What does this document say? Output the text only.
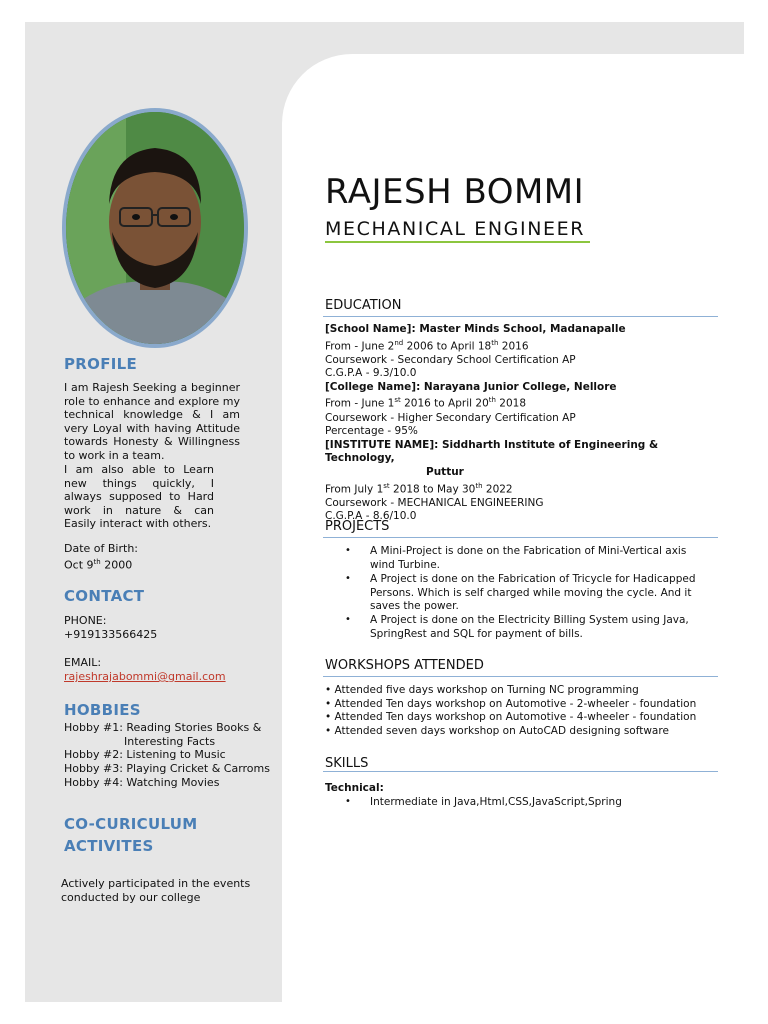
PROFILE
I am Rajesh Seeking a beginner role to enhance and explore my technical knowledge & I am very Loyal with having Attitude towards Honesty & Willingness to work in a team.
I am also able to Learn new things quickly, I always supposed to Hard work in nature & can Easily interact with others.
Date of Birth:
Oct 9th 2000
CONTACT
PHONE:
+919133566425
EMAIL:
rajeshrajabommi@gmail.com
HOBBIES
Hobby #1: Reading Stories Books &
Interesting Facts
Hobby #2: Listening to Music
Hobby #3: Playing Cricket & Carroms
Hobby #4: Watching Movies
CO-CURICULUM
ACTIVITES
Actively participated in the events
conducted by our college
RAJESH BOMMI
MECHANICAL ENGINEER
EDUCATION
[School Name]: Master Minds School, Madanapalle
From - June 2nd 2006 to April 18th 2016
Coursework - Secondary School Certification AP
C.G.P.A - 9.3/10.0
[College Name]: Narayana Junior College, Nellore
From - June 1st 2016 to April 20th 2018
Coursework - Higher Secondary Certification AP
Percentage - 95%
[INSTITUTE NAME]: Siddharth Institute of Engineering & Technology,
Puttur
From July 1st 2018 to May 30th 2022
Coursework - MECHANICAL ENGINEERING
C.G.P.A - 8.6/10.0
PROJECTS
• A Mini-Project is done on the Fabrication of Mini-Vertical axis wind Turbine.
• A Project is done on the Fabrication of Tricycle for Hadicapped Persons. Which is self charged while moving the cycle. And it saves the power.
• A Project is done on the Electricity Billing System using Java, SpringRest and SQL for payment of bills.
WORKSHOPS ATTENDED
• Attended five days workshop on Turning NC programming
• Attended Ten days workshop on Automotive - 2-wheeler - foundation
• Attended Ten days workshop on Automotive - 4-wheeler - foundation
• Attended seven days workshop on AutoCAD designing software
SKILLS
Technical:
• Intermediate in Java,Html,CSS,JavaScript,Spring
